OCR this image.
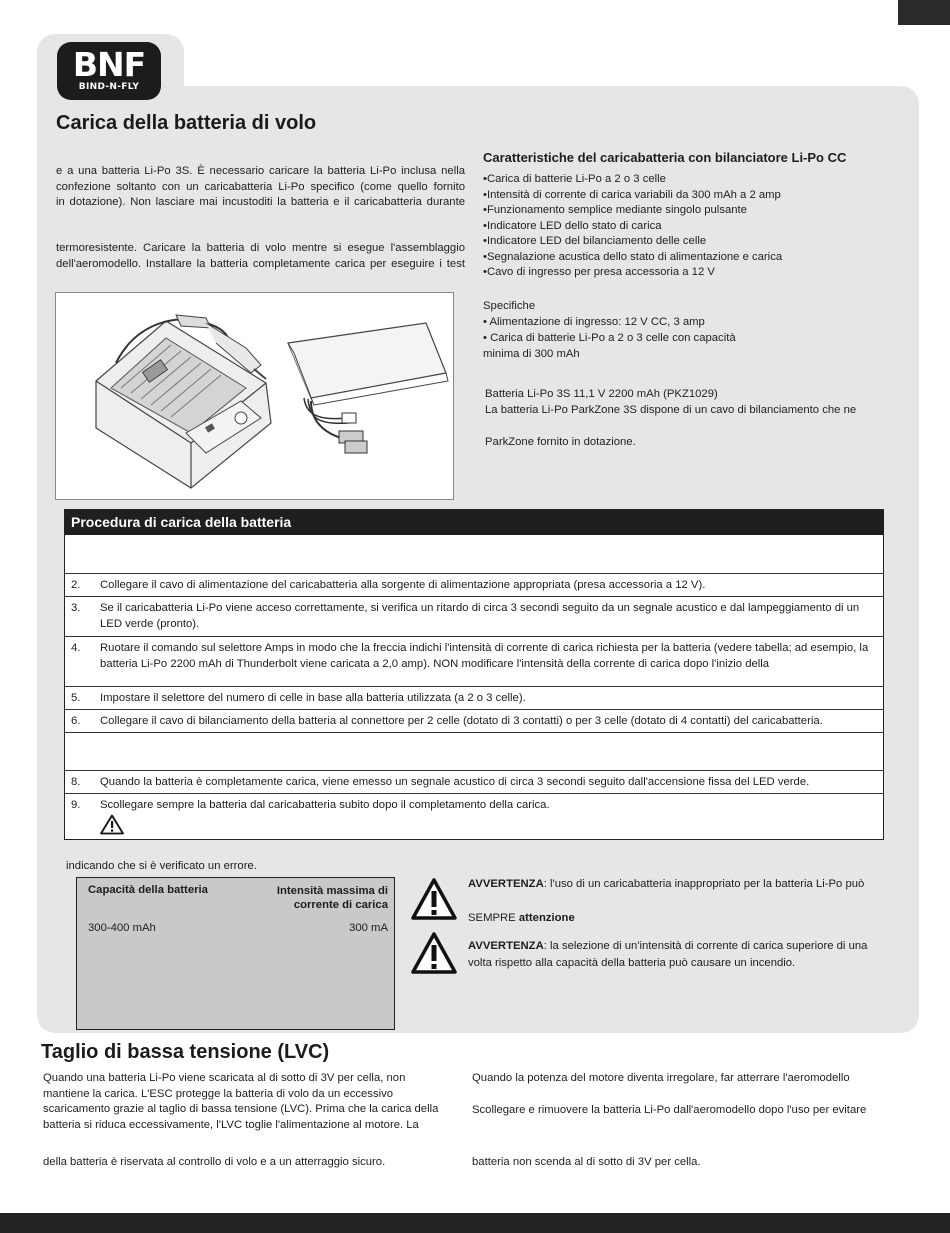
BNF
BIND-N-FLY
Carica della batteria di volo
e a una batteria Li-Po 3S. È necessario caricare la batteria Li-Po inclusa nella
confezione soltanto con un caricabatteria Li-Po specifico (come quello fornito
in dotazione). Non lasciare mai incustoditi la batteria e il caricabatteria durante
termoresistente. Caricare la batteria di volo mentre si esegue l'assemblaggio
dell'aeromodello. Installare la batteria completamente carica per eseguire i test
Caratteristiche del caricabatteria con bilanciatore Li-Po CC
• Carica di batterie Li-Po a 2 o 3 celle
• Intensità di corrente di carica variabili da 300 mAh a 2 amp
• Funzionamento semplice mediante singolo pulsante
• Indicatore LED dello stato di carica
• Indicatore LED del bilanciamento delle celle
• Segnalazione acustica dello stato di alimentazione e carica
• Cavo di ingresso per presa accessoria a 12 V
Specifiche
• Alimentazione di ingresso: 12 V CC, 3 amp
• Carica di batterie Li-Po a 2 o 3 celle con capacità
minima di 300 mAh
Batteria Li-Po 3S 11,1 V 2200 mAh (PKZ1029)
La batteria Li-Po ParkZone 3S dispone di un cavo di bilanciamento che ne
ParkZone fornito in dotazione.
Procedura di carica della batteria
2. Collegare il cavo di alimentazione del caricabatteria alla sorgente di alimentazione appropriata (presa accessoria a 12 V).
3. Se il caricabatteria Li-Po viene acceso correttamente, si verifica un ritardo di circa 3 secondi seguito da un segnale acustico e dal lampeggiamento di un LED verde (pronto).
4. Ruotare il comando sul selettore Amps in modo che la freccia indichi l'intensità di corrente di carica richiesta per la batteria (vedere tabella; ad esempio, la batteria Li-Po 2200 mAh di Thunderbolt viene caricata a 2,0 amp). NON modificare l'intensità della corrente di carica dopo l'inizio della
5. Impostare il selettore del numero di celle in base alla batteria utilizzata (a 2 o 3 celle).
6. Collegare il cavo di bilanciamento della batteria al connettore per 2 celle (dotato di 3 contatti) o per 3 celle (dotato di 4 contatti) del caricabatteria.
8. Quando la batteria è completamente carica, viene emesso un segnale acustico di circa 3 secondi seguito dall'accensione fissa del LED verde.
9. Scollegare sempre la batteria dal caricabatteria subito dopo il completamento della carica.
indicando che si è verificato un errore.
Capacità della batteria	Intensità massima di
corrente di carica
300-400 mAh	300 mA
AVVERTENZA: l'uso di un caricabatteria inappropriato per la batteria Li-Po può
SEMPRE attenzione
AVVERTENZA: la selezione di un'intensità di corrente di carica superiore di una volta rispetto alla capacità della batteria può causare un incendio.
Taglio di bassa tensione (LVC)
Quando una batteria Li-Po viene scaricata al di sotto di 3V per cella, non
mantiene la carica. L'ESC protegge la batteria di volo da un eccessivo
scaricamento grazie al taglio di bassa tensione (LVC). Prima che la carica della
batteria si riduca eccessivamente, l'LVC toglie l'alimentazione al motore. La
della batteria è riservata al controllo di volo e a un atterraggio sicuro.
Quando la potenza del motore diventa irregolare, far atterrare l'aeromodello
Scollegare e rimuovere la batteria Li-Po dall'aeromodello dopo l'uso per evitare
batteria non scenda al di sotto di 3V per cella.
